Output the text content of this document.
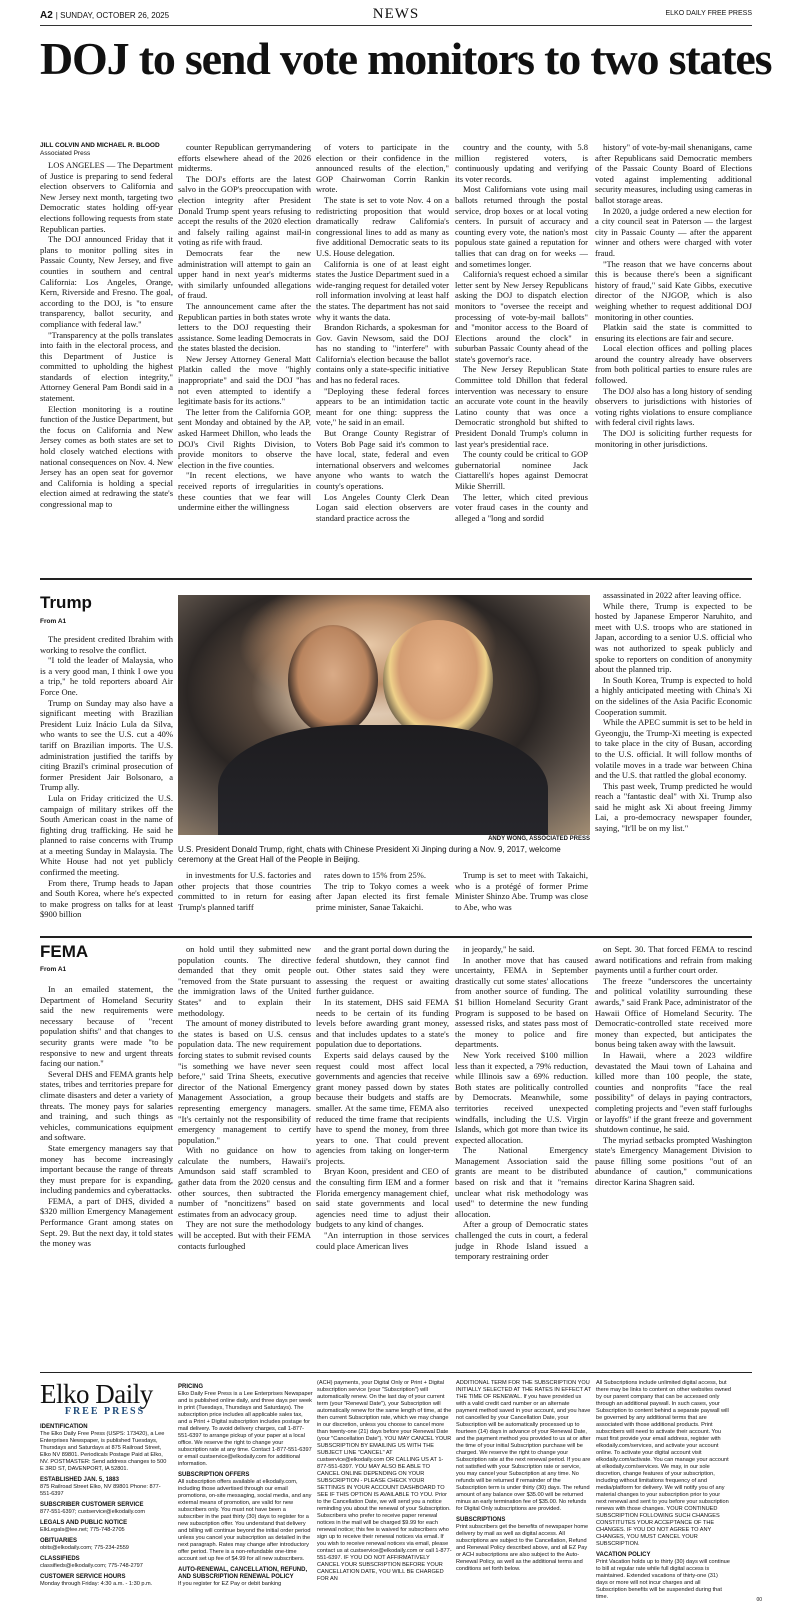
A2 | SUNDAY, OCTOBER 26, 2025	NEWS	ELKO DAILY FREE PRESS
DOJ to send vote monitors to two states
JILL COLVIN AND MICHAEL R. BLOOD
Associated Press

LOS ANGELES — The Department of Justice is preparing to send federal election observers to California and New Jersey next month, targeting two Democratic states holding off-year elections following requests from state Republican parties.

The DOJ announced Friday that it plans to monitor polling sites in Passaic County, New Jersey, and five counties in southern and central California: Los Angeles, Orange, Kern, Riverside and Fresno. The goal, according to the DOJ, is "to ensure transparency, ballot security, and compliance with federal law."

"Transparency at the polls translates into faith in the electoral process, and this Department of Justice is committed to upholding the highest standards of election integrity," Attorney General Pam Bondi said in a statement.

Election monitoring is a routine function of the Justice Department, but the focus on California and New Jersey comes as both states are set to hold closely watched elections with national consequences on Nov. 4. New Jersey has an open seat for governor and California is holding a special election aimed at redrawing the state's congressional map to

counter Republican gerrymandering efforts elsewhere ahead of the 2026 midterms.

The DOJ's efforts are the latest salvo in the GOP's preoccupation with election integrity after President Donald Trump spent years refusing to accept the results of the 2020 election and falsely railing against mail-in voting as rife with fraud.

Democrats fear the new administration will attempt to gain an upper hand in next year's midterms with similarly unfounded allegations of fraud.

The announcement came after the Republican parties in both states wrote letters to the DOJ requesting their assistance. Some leading Democrats in the states blasted the decision.

New Jersey Attorney General Matt Platkin called the move "highly inappropriate" and said the DOJ "has not even attempted to identify a legitimate basis for its actions."

The letter from the California GOP, sent Monday and obtained by the AP, asked Harmeet Dhillon, who leads the DOJ's Civil Rights Division, to provide monitors to observe the election in the five counties.

"In recent elections, we have received reports of irregularities in these counties that we fear will undermine either the willingness

of voters to participate in the election or their confidence in the announced results of the election," GOP Chairwoman Corrin Rankin wrote.

The state is set to vote Nov. 4 on a redistricting proposition that would dramatically redraw California's congressional lines to add as many as five additional Democratic seats to its U.S. House delegation.

California is one of at least eight states the Justice Department sued in a wide-ranging request for detailed voter roll information involving at least half the states. The department has not said why it wants the data.

Brandon Richards, a spokesman for Gov. Gavin Newsom, said the DOJ has no standing to "interfere" with California's election because the ballot contains only a state-specific initiative and has no federal races.

"Deploying these federal forces appears to be an intimidation tactic meant for one thing: suppress the vote," he said in an email.

But Orange County Registrar of Voters Bob Page said it's common to have local, state, federal and even international observers and welcomes anyone who wants to watch the county's operations.

Los Angeles County Clerk Dean Logan said election observers are standard practice across the

country and the county, with 5.8 million registered voters, is continuously updating and verifying its voter records.

Most Californians vote using mail ballots returned through the postal service, drop boxes or at local voting centers. In pursuit of accuracy and counting every vote, the nation's most populous state gained a reputation for tallies that can drag on for weeks — and sometimes longer.

California's request echoed a similar letter sent by New Jersey Republicans asking the DOJ to dispatch election monitors to "oversee the receipt and processing of vote-by-mail ballots" and "monitor access to the Board of Elections around the clock" in suburban Passaic County ahead of the state's governor's race.

The New Jersey Republican State Committee told Dhillon that federal intervention was necessary to ensure an accurate vote count in the heavily Latino county that was once a Democratic stronghold but shifted to President Donald Trump's column in last year's presidential race.

The county could be critical to GOP gubernatorial nominee Jack Ciattarelli's hopes against Democrat Mikie Sherrill.

The letter, which cited previous voter fraud cases in the county and alleged a "long and sordid

history" of vote-by-mail shenanigans, came after Republicans said Democratic members of the Passaic County Board of Elections voted against implementing additional security measures, including using cameras in ballot storage areas.

In 2020, a judge ordered a new election for a city council seat in Paterson — the largest city in Passaic County — after the apparent winner and others were charged with voter fraud.

"The reason that we have concerns about this is because there's been a significant history of fraud," said Kate Gibbs, executive director of the NJGOP, which is also weighing whether to request additional DOJ monitoring in other counties.

Platkin said the state is committed to ensuring its elections are fair and secure.

Local election offices and polling places around the country already have observers from both political parties to ensure rules are followed.

The DOJ also has a long history of sending observers to jurisdictions with histories of voting rights violations to ensure compliance with federal civil rights laws.

The DOJ is soliciting further requests for monitoring in other jurisdictions.

Trump
From A1

The president credited Ibrahim with working to resolve the conflict.

"I told the leader of Malaysia, who is a very good man, I think I owe you a trip," he told reporters aboard Air Force One.

Trump on Sunday may also have a significant meeting with Brazilian President Luiz Inácio Lula da Silva, who wants to see the U.S. cut a 40% tariff on Brazilian imports. The U.S. administration justified the tariffs by citing Brazil's criminal prosecution of former President Jair Bolsonaro, a Trump ally.

Lula on Friday criticized the U.S. campaign of military strikes off the South American coast in the name of fighting drug trafficking. He said he planned to raise concerns with Trump at a meeting Sunday in Malaysia. The White House had not yet publicly confirmed the meeting.

From there, Trump heads to Japan and South Korea, where he's expected to make progress on talks for at least $900 billion

ANDY WONG, ASSOCIATED PRESS
U.S. President Donald Trump, right, chats with Chinese President Xi Jinping during a Nov. 9, 2017, welcome ceremony at the Great Hall of the People in Beijing.

in investments for U.S. factories and other projects that those countries committed to in return for easing Trump's planned tariff

rates down to 15% from 25%.

The trip to Tokyo comes a week after Japan elected its first female prime minister, Sanae Takaichi.

Trump is set to meet with Takaichi, who is a protégé of former Prime Minister Shinzo Abe. Trump was close to Abe, who was

assassinated in 2022 after leaving office.

While there, Trump is expected to be hosted by Japanese Emperor Naruhito, and meet with U.S. troops who are stationed in Japan, according to a senior U.S. official who was not authorized to speak publicly and spoke to reporters on condition of anonymity about the planned trip.

In South Korea, Trump is expected to hold a highly anticipated meeting with China's Xi on the sidelines of the Asia Pacific Economic Cooperation summit.

While the APEC summit is set to be held in Gyeongju, the Trump-Xi meeting is expected to take place in the city of Busan, according to the U.S. official. It will follow months of volatile moves in a trade war between China and the U.S. that rattled the global economy.

This past week, Trump predicted he would reach a "fantastic deal" with Xi. Trump also said he might ask Xi about freeing Jimmy Lai, a pro-democracy newspaper founder, saying, "It'll be on my list."

FEMA
From A1

In an emailed statement, the Department of Homeland Security said the new requirements were necessary because of "recent population shifts" and that changes to security grants were made "to be responsive to new and urgent threats facing our nation."

Several DHS and FEMA grants help states, tribes and territories prepare for climate disasters and deter a variety of threats. The money pays for salaries and training, and such things as vehicles, communications equipment and software.

State emergency managers say that money has become increasingly important because the range of threats they must prepare for is expanding, including pandemics and cyberattacks.

FEMA, a part of DHS, divided a $320 million Emergency Management Performance Grant among states on Sept. 29. But the next day, it told states the money was

on hold until they submitted new population counts. The directive demanded that they omit people "removed from the State pursuant to the immigration laws of the United States" and to explain their methodology.

The amount of money distributed to the states is based on U.S. census population data. The new requirement forcing states to submit revised counts "is something we have never seen before," said Trina Sheets, executive director of the National Emergency Management Association, a group representing emergency managers. "It's certainly not the responsibility of emergency management to certify population."

With no guidance on how to calculate the numbers, Hawaii's Amundson said staff scrambled to gather data from the 2020 census and other sources, then subtracted the number of "noncitizens" based on estimates from an advocacy group.

They are not sure the methodology will be accepted. But with their FEMA contacts furloughed

and the grant portal down during the federal shutdown, they cannot find out. Other states said they were assessing the request or awaiting further guidance.

In its statement, DHS said FEMA needs to be certain of its funding levels before awarding grant money, and that includes updates to a state's population due to deportations.

Experts said delays caused by the request could most affect local governments and agencies that receive grant money passed down by states because their budgets and staffs are smaller. At the same time, FEMA also reduced the time frame that recipients have to spend the money, from three years to one. That could prevent agencies from taking on longer-term projects.

Bryan Koon, president and CEO of the consulting firm IEM and a former Florida emergency management chief, said state governments and local agencies need time to adjust their budgets to any kind of changes.

"An interruption in those services could place American lives

in jeopardy," he said.

In another move that has caused uncertainty, FEMA in September drastically cut some states' allocations from another source of funding. The $1 billion Homeland Security Grant Program is supposed to be based on assessed risks, and states pass most of the money to police and fire departments.

New York received $100 million less than it expected, a 79% reduction, while Illinois saw a 69% reduction. Both states are politically controlled by Democrats. Meanwhile, some territories received unexpected windfalls, including the U.S. Virgin Islands, which got more than twice its expected allocation.

The National Emergency Management Association said the grants are meant to be distributed based on risk and that it "remains unclear what risk methodology was used" to determine the new funding allocation.

After a group of Democratic states challenged the cuts in court, a federal judge in Rhode Island issued a temporary restraining order

on Sept. 30. That forced FEMA to rescind award notifications and refrain from making payments until a further court order.

The freeze "underscores the uncertainty and political volatility surrounding these awards," said Frank Pace, administrator of the Hawaii Office of Homeland Security. The Democratic-controlled state received more money than expected, but anticipates the bonus being taken away with the lawsuit.

In Hawaii, where a 2023 wildfire devastated the Maui town of Lahaina and killed more than 100 people, the state, counties and nonprofits "face the real possibility" of delays in paying contractors, completing projects and "even staff furloughs or layoffs" if the grant freeze and government shutdown continue, he said.

The myriad setbacks prompted Washington state's Emergency Management Division to pause filling some positions "out of an abundance of caution," communications director Karina Shagren said.

Elko Daily
FREE PRESS
IDENTIFICATION
The Elko Daily Free Press (USPS: 173420), a Lee Enterprises Newspaper, is published Tuesdays, Thursdays and Saturdays at 875 Railroad Street, Elko NV 89801. Periodicals Postage Paid at Elko, NV. POSTMASTER: Send address changes to 500 E 3RD ST, DAVENPORT, IA 52801.
ESTABLISHED JAN. 5, 1883
875 Railroad Street Elko, NV 89801 Phone: 877-551-6397
SUBSCRIBER CUSTOMER SERVICE
877-551-6397; custservice@elkodaily.com
LEGALS AND PUBLIC NOTICE
ElkLegals@lee.net; 775-748-2705
OBITUARIES
obits@elkodaily.com; 775-234-2559
CLASSIFIEDS
classifieds@elkodaily.com; 775-748-2797
CUSTOMER SERVICE HOURS
Monday through Friday: 4:30 a.m. - 1:30 p.m.
PRICING
Elko Daily Free Press is a Lee Enterprises Newspaper and is published online daily, and three days per week in print (Tuesdays, Thursdays and Saturdays). The subscription price includes all applicable sales tax, and a Print + Digital subscription includes postage for mail delivery. To avoid delivery charges, call 1-877-551-6397 to arrange pickup of your paper at a local office. We reserve the right to change your subscription rate at any time. Contact 1-877-551-6397 or email custservice@elkodaily.com for additional information.
SUBSCRIPTION OFFERS
All subscription offers available at elkodaily.com, including those advertised through our email promotions, on-site messaging, social media, and any external means of promotion, are valid for new subscribers only. You must not have been a subscriber in the past thirty (30) days to register for a new subscription offer. You understand that delivery and billing will continue beyond the initial order period unless you cancel your subscription as detailed in the next paragraph. Rates may change after introductory offer period. There is a non-refundable one-time account set up fee of $4.99 for all new subscribers.
AUTO-RENEWAL, CANCELLATION, REFUND, AND SUBSCRIPTION RENEWAL POLICY
If you register for EZ Pay or debit banking
(ACH) payments, your Digital Only or Print + Digital subscription service (your "Subscription") will automatically renew. On the last day of your current term (your "Renewal Date"), your Subscription will automatically renew for the same length of time, at the then current Subscription rate, which we may change in our discretion, unless you choose to cancel more than twenty-one (21) days before your Renewal Date (your "Cancellation Date"). YOU MAY CANCEL YOUR SUBSCRIPTION BY EMAILING US WITH THE SUBJECT LINE "CANCEL" AT custservice@elkodaily.com OR CALLING US AT 1-877-551-6397. YOU MAY ALSO BE ABLE TO CANCEL ONLINE DEPENDING ON YOUR SUBSCRIPTION - PLEASE CHECK YOUR SETTINGS IN YOUR ACCOUNT DASHBOARD TO SEE IF THIS OPTION IS AVAILABLE TO YOU. Prior to the Cancellation Date, we will send you a notice reminding you about the renewal of your Subscription. Subscribers who prefer to receive paper renewal notices in the mail will be charged $9.99 for each renewal notice; this fee is waived for subscribers who sign up to receive their renewal notices via email. If you wish to receive renewal notices via email, please contact us at custservice@elkodaily.com or call 1-877-551-6397. IF YOU DO NOT AFFIRMATIVELY CANCEL YOUR SUBSCRIPTION BEFORE YOUR CANCELLATION DATE, YOU WILL BE CHARGED FOR AN
ADDITIONAL TERM FOR THE SUBSCRIPTION YOU INITIALLY SELECTED AT THE RATES IN EFFECT AT THE TIME OF RENEWAL. If you have provided us with a valid credit card number or an alternate payment method saved in your account, and you have not cancelled by your Cancellation Date, your Subscription will be automatically processed up to fourteen (14) days in advance of your Renewal Date, and the payment method you provided to us at or after the time of your initial Subscription purchase will be charged. We reserve the right to change your Subscription rate at the next renewal period. If you are not satisfied with your Subscription rate or service, you may cancel your Subscription at any time. No refunds will be returned if remainder of the Subscription term is under thirty (30) days. The refund amount of any balance over $35.00 will be returned minus an early termination fee of $35.00. No refunds for Digital Only subscriptions are provided.
SUBSCRIPTIONS
Print subscribers get the benefits of newspaper home delivery by mail as well as digital access. All subscriptions are subject to the Cancellation, Refund and Renewal Policy described above, and all EZ Pay or ACH subscriptions are also subject to the Auto-Renewal Policy, as well as the additional terms and conditions set forth below.
All Subscriptions include unlimited digital access, but there may be links to content on other websites owned by our parent company that can be accessed only through an additional paywall. In such cases, your Subscription to content behind a separate paywall will be governed by any additional terms that are associated with those additional products. Print subscribers will need to activate their account. You must first provide your email address, register with elkodaily.com/services, and activate your account online. To activate your digital account visit elkodaily.com/activate. You can manage your account at elkodaily.com/services. We may, in our sole discretion, change features of your subscription, including without limitations frequency of and media/platform for delivery. We will notify you of any material changes to your subscription prior to your next renewal and sent to you before your subscription renews with those changes. YOUR CONTINUED SUBSCRIPTION FOLLOWING SUCH CHANGES CONSTITUTES YOUR ACCEPTANCE OF THE CHANGES. IF YOU DO NOT AGREE TO ANY CHANGES, YOU MUST CANCEL YOUR SUBSCRIPTION.
VACATION POLICY
Print Vacation holds up to thirty (30) days will continue to bill at regular rate while full digital access is maintained. Extended vacations of thirty-one (31) days or more will not incur charges and all Subscription benefits will be suspended during that time.	00
